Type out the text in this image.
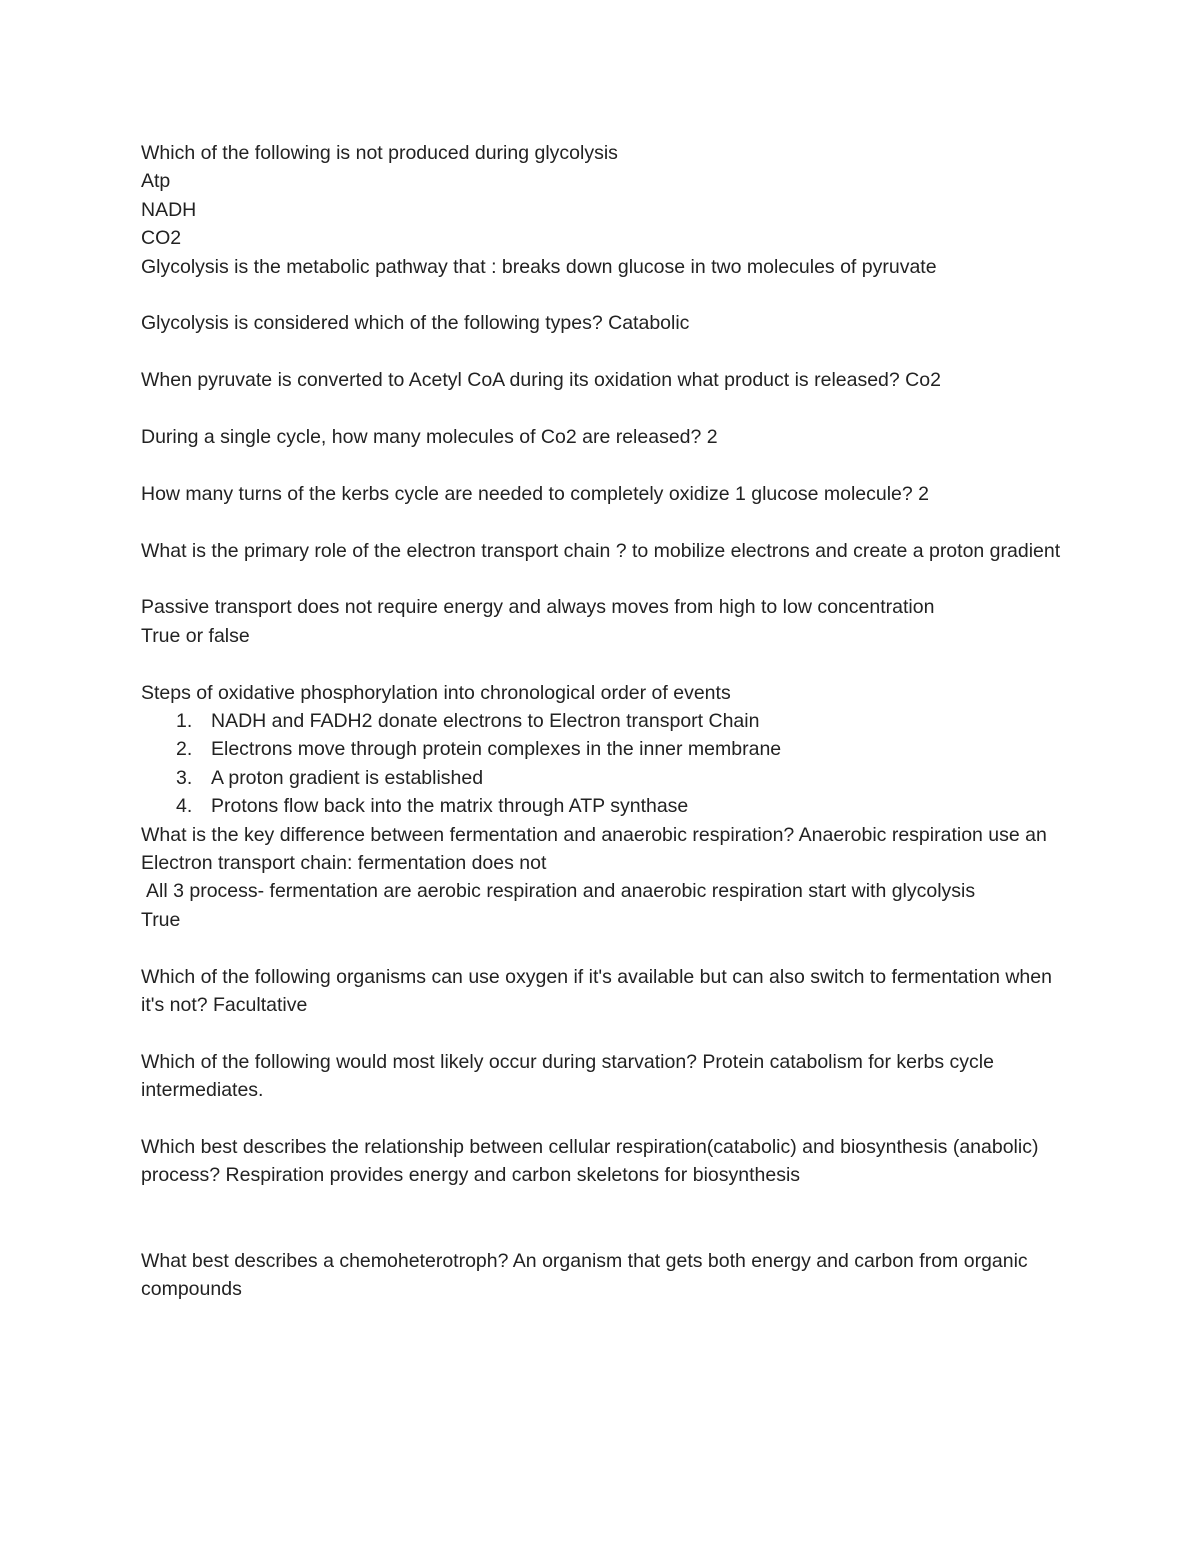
Which of the following is not produced during glycolysis

Atp

NADH

CO2

Glycolysis is the metabolic pathway that : breaks down glucose in two molecules of pyruvate

Glycolysis is considered which of the following types? Catabolic

When pyruvate is converted to Acetyl CoA during its oxidation what product is released? Co2

During a single cycle, how many molecules of Co2 are released? 2

How many turns of the kerbs cycle are needed to completely oxidize 1 glucose molecule? 2

What is the primary role of the electron transport chain ? to mobilize electrons and create a proton gradient

Passive transport does not require energy and always moves from high to low concentration

True or false

Steps of oxidative phosphorylation into chronological order of events

1. NADH and FADH2 donate electrons to Electron transport Chain
2. Electrons move through protein complexes in the inner membrane
3. A proton gradient is established
4. Protons flow back into the matrix through ATP synthase

What is the key difference between fermentation and anaerobic respiration? Anaerobic respiration use an Electron transport chain: fermentation does not

All 3 process- fermentation are aerobic respiration and anaerobic respiration start with glycolysis

True

Which of the following organisms can use oxygen if it's available but can also switch to fermentation when it's not? Facultative

Which of the following would most likely occur during starvation? Protein catabolism for kerbs cycle intermediates.

Which best describes the relationship between cellular respiration(catabolic) and biosynthesis (anabolic) process? Respiration provides energy and carbon skeletons for biosynthesis

What best describes a chemoheterotroph? An organism that gets both energy and carbon from organic compounds
